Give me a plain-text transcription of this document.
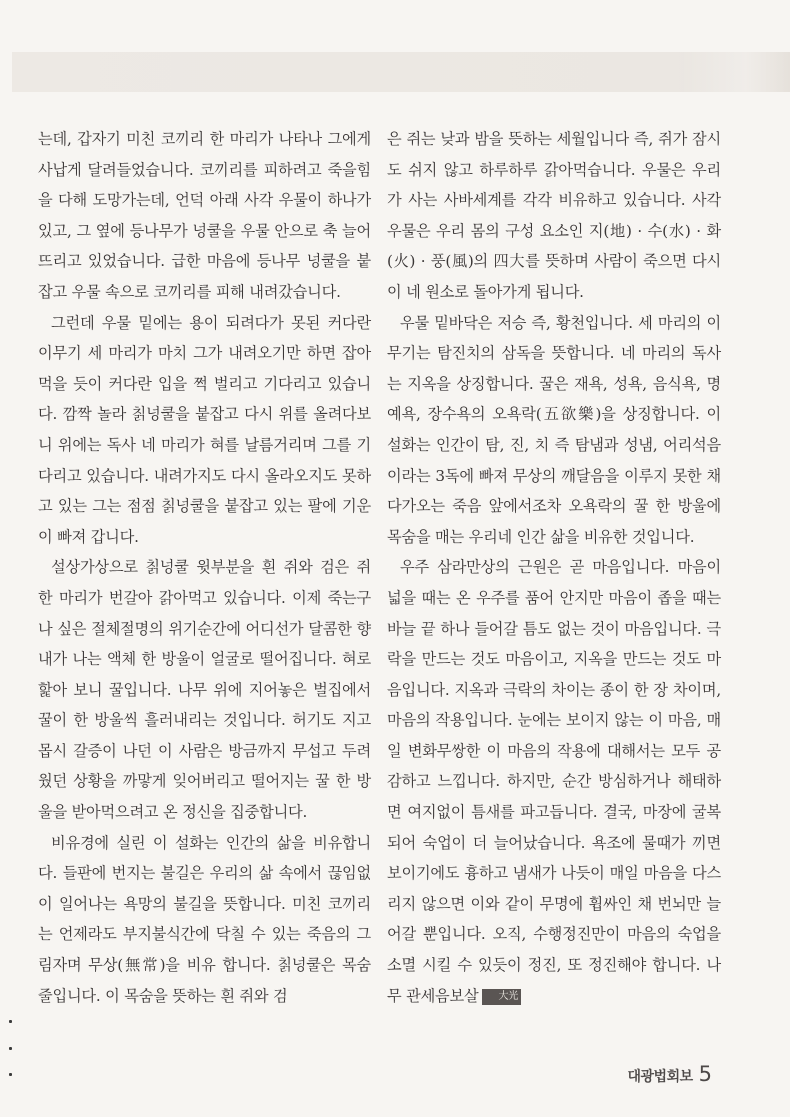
는데, 갑자기 미친 코끼리 한 마리가 나타나 그에게 사납게 달려들었습니다. 코끼리를 피하려고 죽을힘을 다해 도망가는데, 언덕 아래 사각 우물이 하나가 있고, 그 옆에 등나무가 넝쿨을 우물 안으로 축 늘어뜨리고 있었습니다. 급한 마음에 등나무 넝쿨을 붙잡고 우물 속으로 코끼리를 피해 내려갔습니다.

그런데 우물 밑에는 용이 되려다가 못된 커다란 이무기 세 마리가 마치 그가 내려오기만 하면 잡아먹을 듯이 커다란 입을 쩍 벌리고 기다리고 있습니다. 깜짝 놀라 칡넝쿨을 붙잡고 다시 위를 올려다보니 위에는 독사 네 마리가 혀를 날름거리며 그를 기다리고 있습니다. 내려가지도 다시 올라오지도 못하고 있는 그는 점점 칡넝쿨을 붙잡고 있는 팔에 기운이 빠져 갑니다.

설상가상으로 칡넝쿨 윗부분을 흰 쥐와 검은 쥐 한 마리가 번갈아 갉아먹고 있습니다. 이제 죽는구나 싶은 절체절명의 위기순간에 어디선가 달콤한 향내가 나는 액체 한 방울이 얼굴로 떨어집니다. 혀로 핥아 보니 꿀입니다. 나무 위에 지어놓은 벌집에서 꿀이 한 방울씩 흘러내리는 것입니다. 허기도 지고 몹시 갈증이 나던 이 사람은 방금까지 무섭고 두려웠던 상황을 까맣게 잊어버리고 떨어지는 꿀 한 방울을 받아먹으려고 온 정신을 집중합니다.

비유경에 실린 이 설화는 인간의 삶을 비유합니다. 들판에 번지는 불길은 우리의 삶 속에서 끊임없이 일어나는 욕망의 불길을 뜻합니다. 미친 코끼리는 언제라도 부지불식간에 닥칠 수 있는 죽음의 그림자며 무상(無常)을 비유 합니다. 칡넝쿨은 목숨 줄입니다. 이 목숨을 뜻하는 흰 쥐와 검

은 쥐는 낮과 밤을 뜻하는 세월입니다 즉, 쥐가 잠시도 쉬지 않고 하루하루 갉아먹습니다. 우물은 우리가 사는 사바세계를 각각 비유하고 있습니다. 사각 우물은 우리 몸의 구성 요소인 지(地) · 수(水) · 화(火) · 풍(風)의 四大를 뜻하며 사람이 죽으면 다시 이 네 원소로 돌아가게 됩니다.

우물 밑바닥은 저승 즉, 황천입니다. 세 마리의 이무기는 탐진치의 삼독을 뜻합니다. 네 마리의 독사는 지옥을 상징합니다. 꿀은 재욕, 성욕, 음식욕, 명예욕, 장수욕의 오욕락(五欲樂)을 상징합니다. 이 설화는 인간이 탐, 진, 치 즉 탐냄과 성냄, 어리석음이라는 3독에 빠져 무상의 깨달음을 이루지 못한 채 다가오는 죽음 앞에서조차 오욕락의 꿀 한 방울에 목숨을 매는 우리네 인간 삶을 비유한 것입니다.

우주 삼라만상의 근원은 곧 마음입니다. 마음이 넓을 때는 온 우주를 품어 안지만 마음이 좁을 때는 바늘 끝 하나 들어갈 틈도 없는 것이 마음입니다. 극락을 만드는 것도 마음이고, 지옥을 만드는 것도 마음입니다. 지옥과 극락의 차이는 종이 한 장 차이며, 마음의 작용입니다. 눈에는 보이지 않는 이 마음, 매일 변화무쌍한 이 마음의 작용에 대해서는 모두 공감하고 느낍니다. 하지만, 순간 방심하거나 해태하면 여지없이 틈새를 파고듭니다. 결국, 마장에 굴복되어 숙업이 더 늘어났습니다. 욕조에 물때가 끼면 보이기에도 흉하고 냄새가 나듯이 매일 마음을 다스리지 않으면 이와 같이 무명에 휩싸인 채 번뇌만 늘어갈 뿐입니다. 오직, 수행정진만이 마음의 숙업을 소멸 시킬 수 있듯이 정진, 또 정진해야 합니다. 나무 관세음보살 大光

대광법회보 5
